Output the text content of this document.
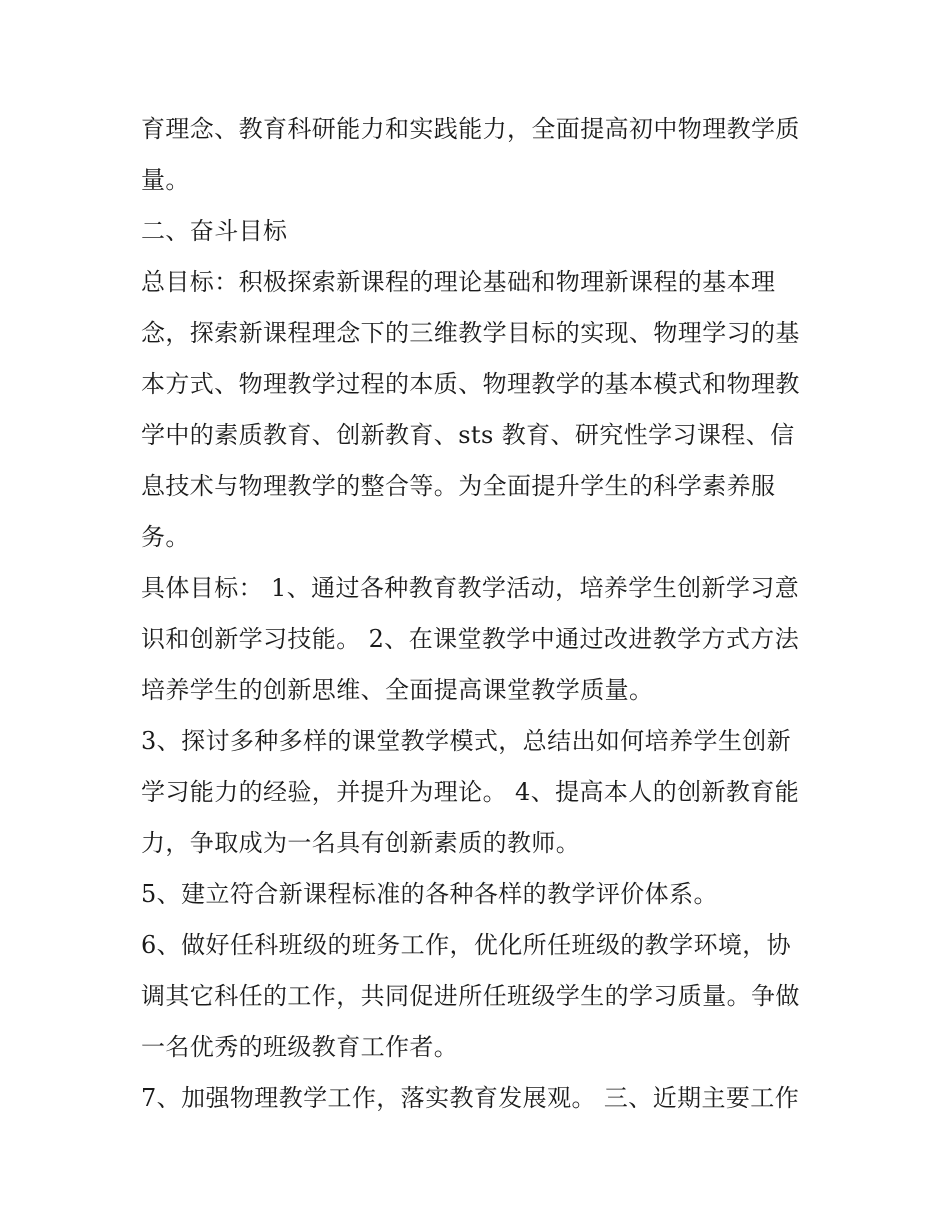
育理念、教育科研能力和实践能力，全面提高初中物理教学质
量。
二、奋斗目标
总目标：积极探索新课程的理论基础和物理新课程的基本理
念，探索新课程理念下的三维教学目标的实现、物理学习的基
本方式、物理教学过程的本质、物理教学的基本模式和物理教
学中的素质教育、创新教育、sts 教育、研究性学习课程、信
息技术与物理教学的整合等。为全面提升学生的科学素养服
务。
具体目标： 1、通过各种教育教学活动，培养学生创新学习意
识和创新学习技能。 2、在课堂教学中通过改进教学方式方法
培养学生的创新思维、全面提高课堂教学质量。
3、探讨多种多样的课堂教学模式，总结出如何培养学生创新
学习能力的经验，并提升为理论。 4、提高本人的创新教育能
力，争取成为一名具有创新素质的教师。
5、建立符合新课程标准的各种各样的教学评价体系。
6、做好任科班级的班务工作，优化所任班级的教学环境，协
调其它科任的工作，共同促进所任班级学生的学习质量。争做
一名优秀的班级教育工作者。
7、加强物理教学工作，落实教育发展观。 三、近期主要工作
